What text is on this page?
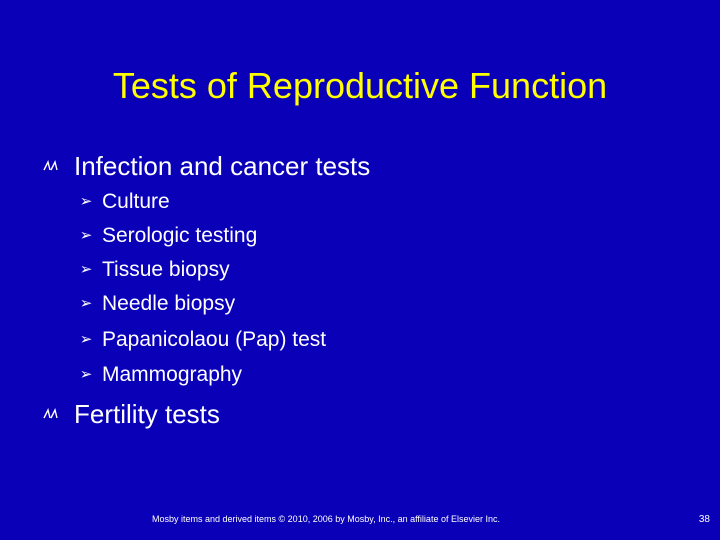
Tests of Reproductive Function
Infection and cancer tests
➢ Culture
➢ Serologic testing
➢ Tissue biopsy
➢ Needle biopsy
➢ Papanicolaou (Pap) test
➢ Mammography
Fertility tests
Mosby items and derived items © 2010, 2006 by Mosby, Inc., an affiliate of Elsevier Inc.	38
